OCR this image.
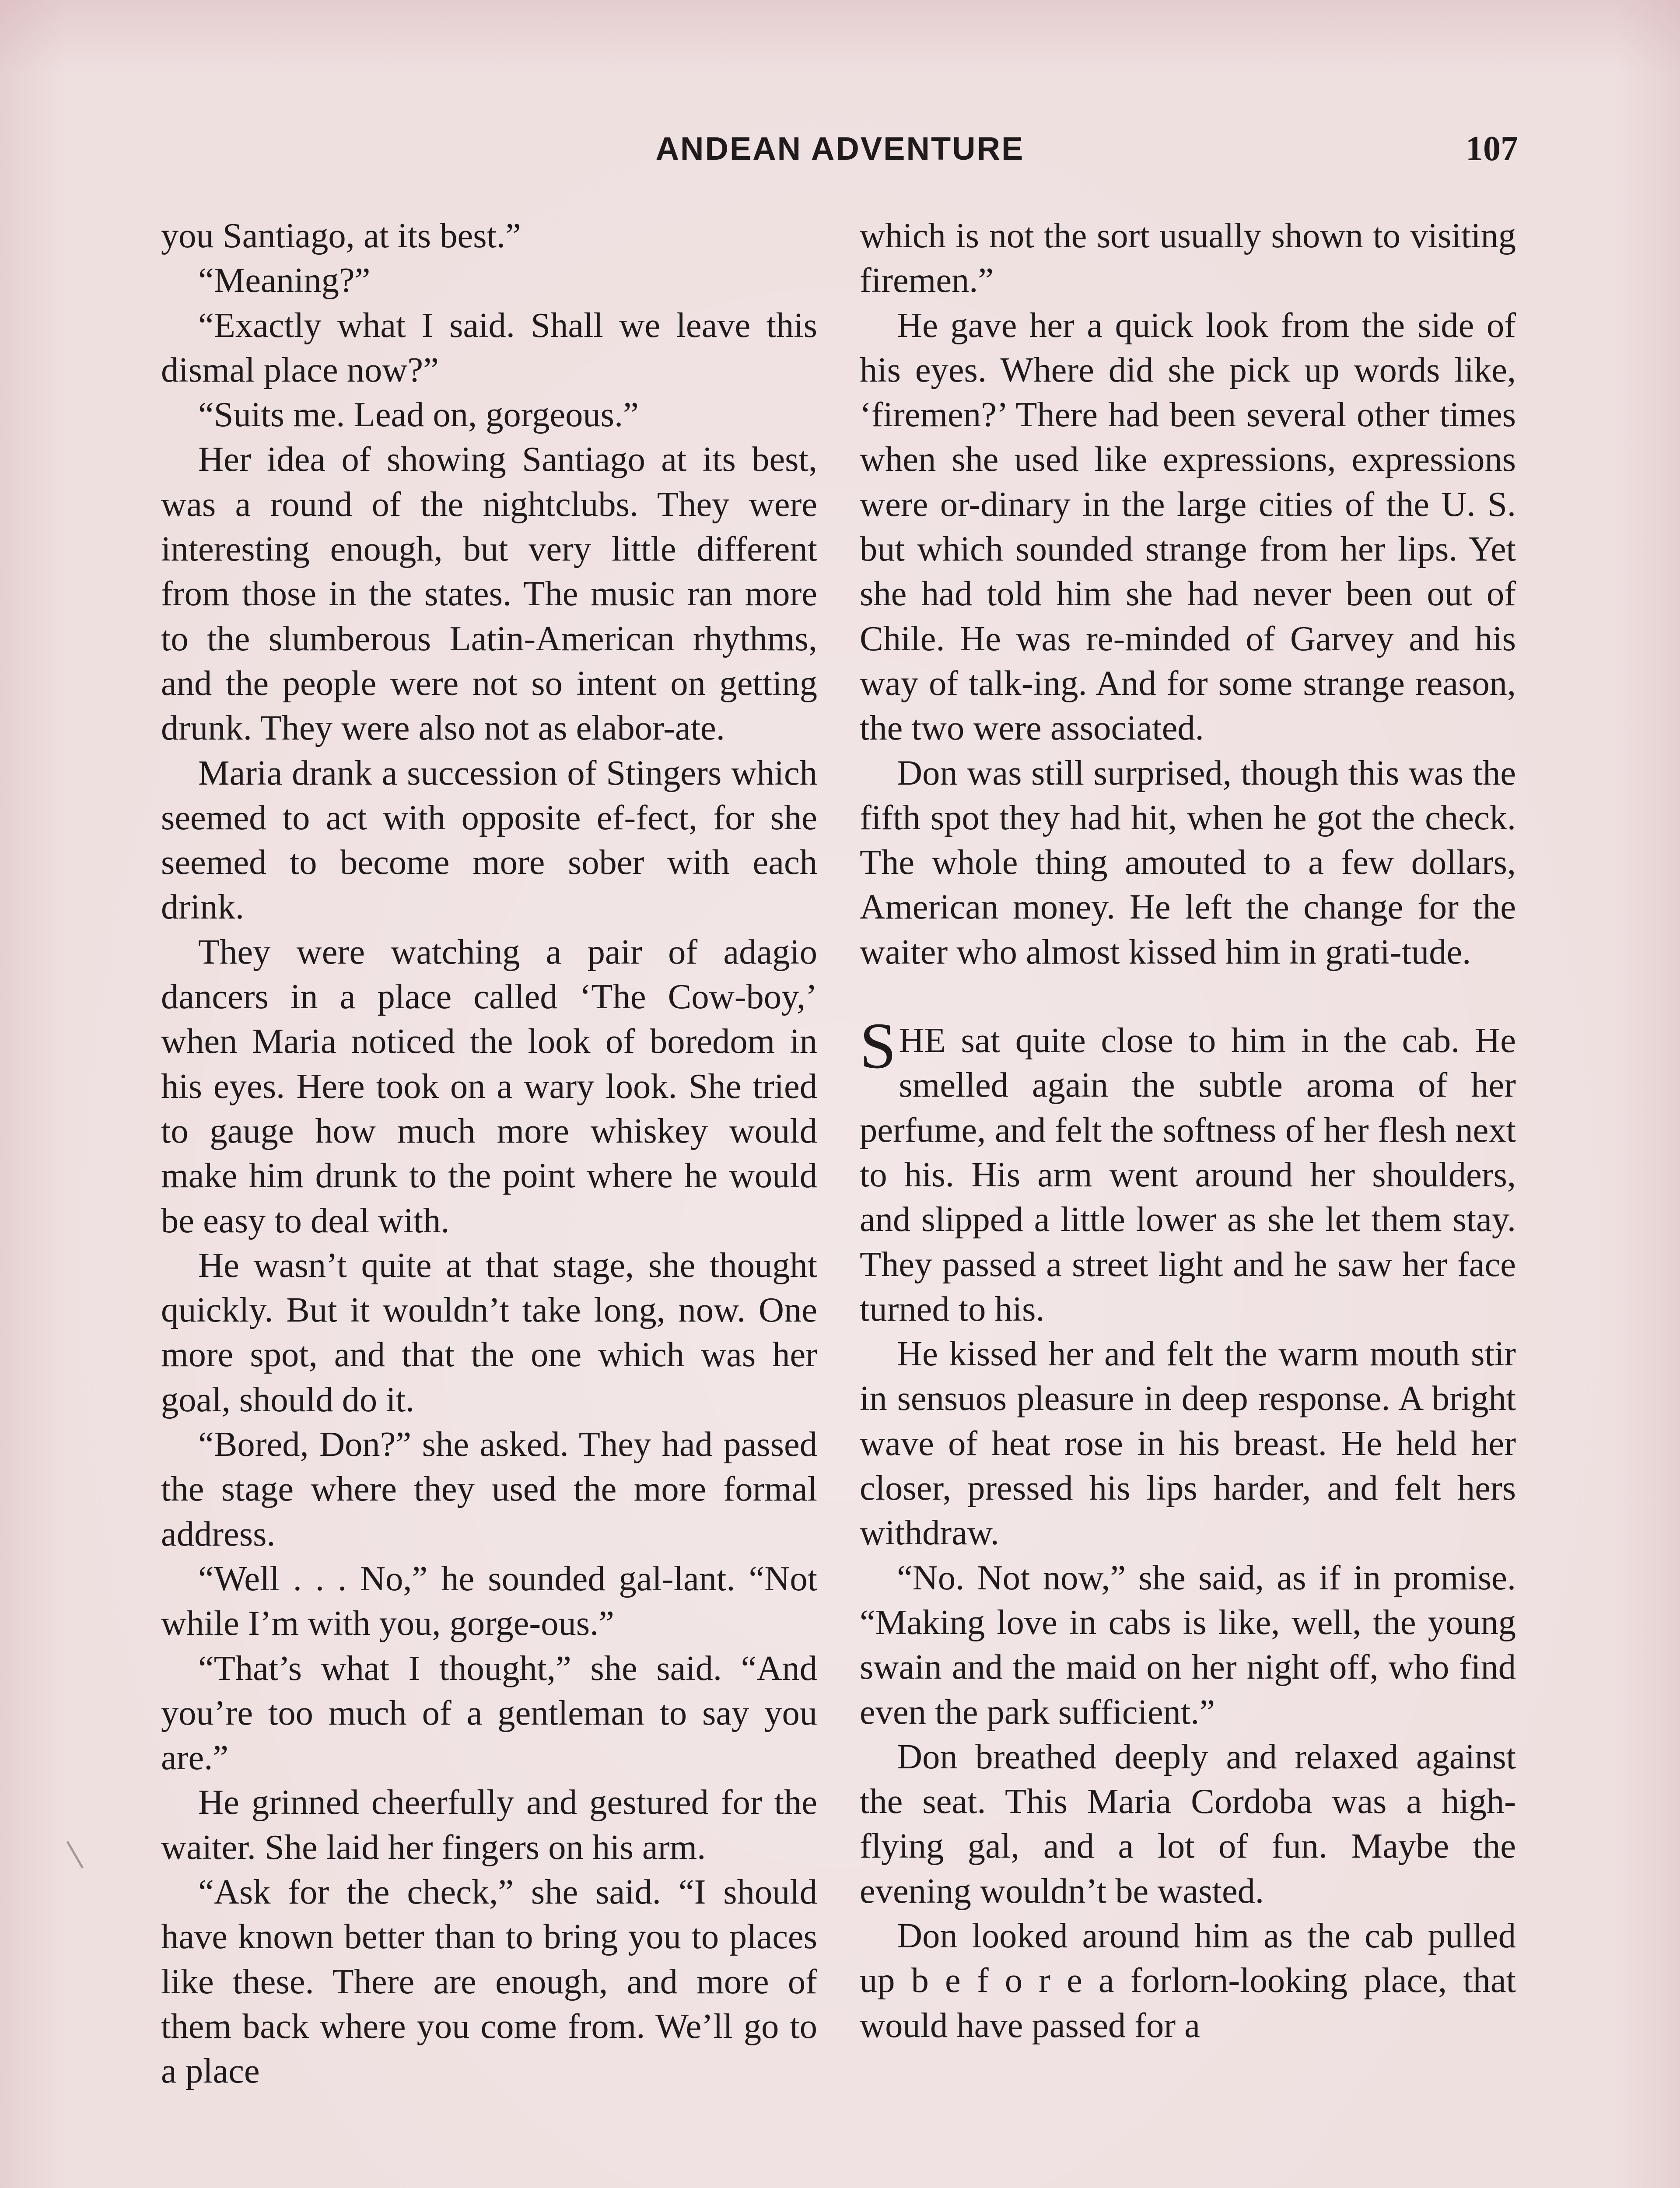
ANDEAN ADVENTURE	107

you Santiago, at its best.”

“Meaning?”

“Exactly what I said. Shall we leave this dismal place now?”

“Suits me. Lead on, gorgeous.”

Her idea of showing Santiago at its best, was a round of the nightclubs. They were interesting enough, but very little different from those in the states. The music ran more to the slumberous Latin-American rhythms, and the people were not so intent on getting drunk. They were also not as elabor-ate.

Maria drank a succession of Stingers which seemed to act with opposite ef-fect, for she seemed to become more sober with each drink.

They were watching a pair of adagio dancers in a place called ‘The Cow-boy,’ when Maria noticed the look of boredom in his eyes. Here took on a wary look. She tried to gauge how much more whiskey would make him drunk to the point where he would be easy to deal with.

He wasn’t quite at that stage, she thought quickly. But it wouldn’t take long, now. One more spot, and that the one which was her goal, should do it.

“Bored, Don?” she asked. They had passed the stage where they used the more formal address.

“Well . . . No,” he sounded gal-lant. “Not while I’m with you, gorge-ous.”

“That’s what I thought,” she said. “And you’re too much of a gentleman to say you are.”

He grinned cheerfully and gestured for the waiter. She laid her fingers on his arm.

“Ask for the check,” she said. “I should have known better than to bring you to places like these. There are enough, and more of them back where you come from. We’ll go to a place

which is not the sort usually shown to visiting firemen.”

He gave her a quick look from the side of his eyes. Where did she pick up words like, ‘firemen?’ There had been several other times when she used like expressions, expressions were or-dinary in the large cities of the U. S. but which sounded strange from her lips. Yet she had told him she had never been out of Chile. He was re-minded of Garvey and his way of talk-ing. And for some strange reason, the two were associated.

Don was still surprised, though this was the fifth spot they had hit, when he got the check. The whole thing amouted to a few dollars, American money. He left the change for the waiter who almost kissed him in grati-tude.

SHE sat quite close to him in the cab. He smelled again the subtle aroma of her perfume, and felt the softness of her flesh next to his. His arm went around her shoulders, and slipped a little lower as she let them stay. They passed a street light and he saw her face turned to his.

He kissed her and felt the warm mouth stir in sensuos pleasure in deep response. A bright wave of heat rose in his breast. He held her closer, pressed his lips harder, and felt hers withdraw.

“No. Not now,” she said, as if in promise. “Making love in cabs is like, well, the young swain and the maid on her night off, who find even the park sufficient.”

Don breathed deeply and relaxed against the seat. This Maria Cordoba was a high-flying gal, and a lot of fun. Maybe the evening wouldn’t be wasted.

Don looked around him as the cab pulled up b e f o r e a forlorn-looking place, that would have passed for a
